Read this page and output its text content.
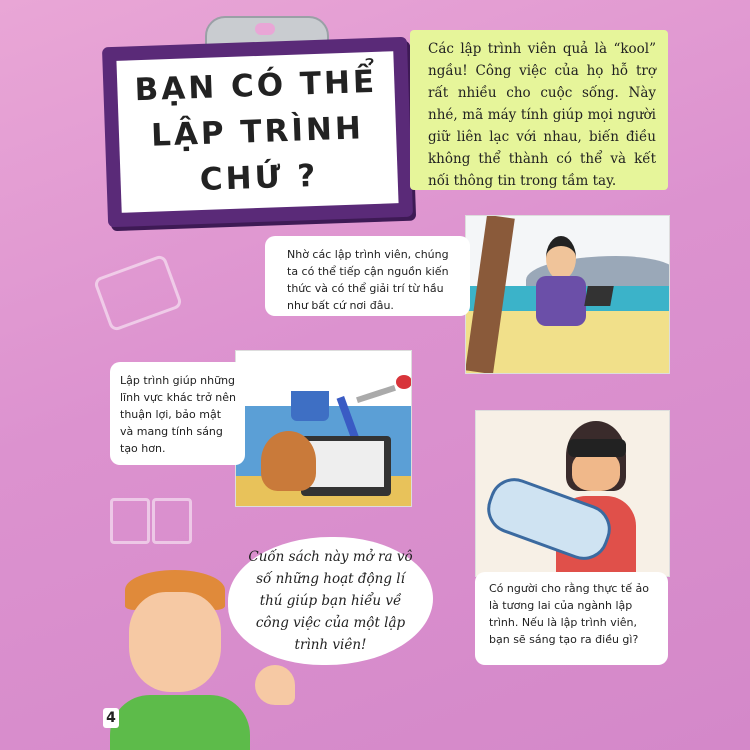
BẠN CÓ THỂ
LẬP TRÌNH
CHỨ ?
Các lập trình viên quả là “kool” ngầu! Công việc của họ hỗ trợ rất nhiều cho cuộc sống. Này nhé, mã máy tính giúp mọi người giữ liên lạc với nhau, biến điều không thể thành có thể và kết nối thông tin trong tầm tay.
Nhờ các lập trình viên, chúng ta có thể tiếp cận nguồn kiến thức và có thể giải trí từ hầu như bất cứ nơi đâu.
Lập trình giúp những lĩnh vực khác trở nên thuận lợi, bảo mật và mang tính sáng tạo hơn.
Có người cho rằng thực tế ảo là tương lai của ngành lập trình. Nếu là lập trình viên, bạn sẽ sáng tạo ra điều gì?
Cuốn sách này mở ra vô số những hoạt động lí thú giúp bạn hiểu về công việc của một lập trình viên!
4
